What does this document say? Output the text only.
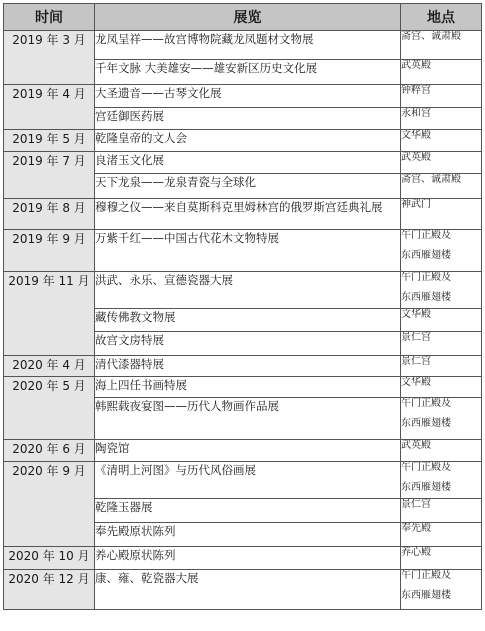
时间	展览	地点
2019 年 3 月	龙凤呈祥——故宫博物院藏龙凤题材文物展	斋宫、诚肃殿

	千年文脉 大美雄安——雄安新区历史文化展	武英殿

2019 年 4 月	大圣遗音——古琴文化展	钟粹宫

	宫廷御医药展	永和宫

2019 年 5 月	乾隆皇帝的文人会	文华殿

2019 年 7 月	良渚玉文化展	武英殿

	天下龙泉——龙泉青瓷与全球化	斋宫、诚肃殿

2019 年 8 月	穆穆之仪——来自莫斯科克里姆林宫的俄罗斯宫廷典礼展	神武门

2019 年 9 月	万紫千红——中国古代花木文物特展	午门正殿及
东西雁翅楼

2019 年 11 月	洪武、永乐、宣德瓷器大展	午门正殿及
东西雁翅楼

	藏传佛教文物展	文华殿

	故宫文房特展	景仁宫

2020 年 4 月	清代漆器特展	景仁宫

2020 年 5 月	海上四任书画特展	文华殿

	韩熙载夜宴图——历代人物画作品展	午门正殿及
东西雁翅楼

2020 年 6 月	陶瓷馆	武英殿

2020 年 9 月	《清明上河图》与历代风俗画展	午门正殿及
东西雁翅楼

	乾隆玉器展	景仁宫

	奉先殿原状陈列	奉先殿

2020 年 10 月	养心殿原状陈列	养心殿

2020 年 12 月	康、雍、乾瓷器大展	午门正殿及
东西雁翅楼
